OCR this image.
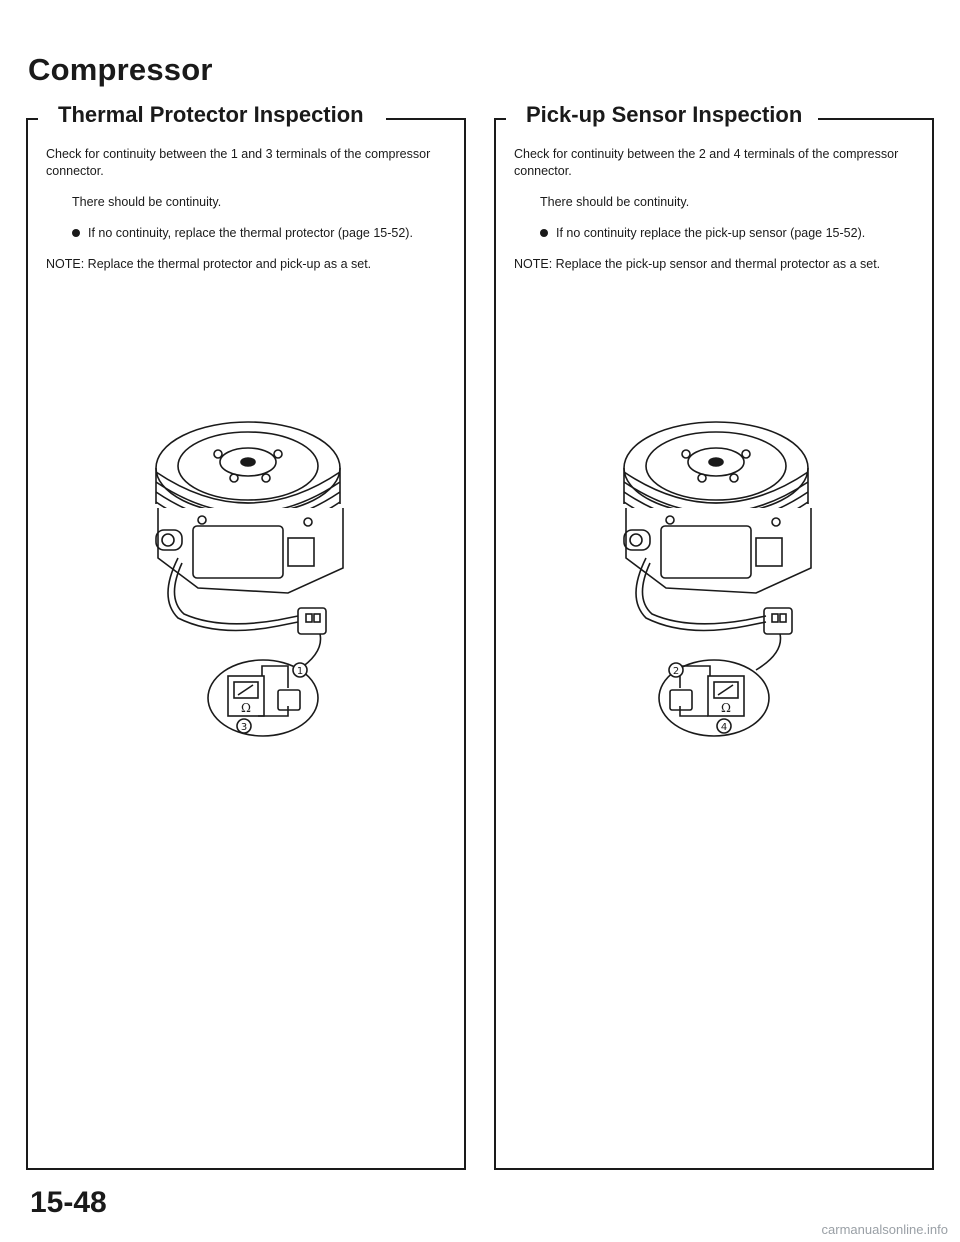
Compressor
Thermal Protector Inspection

Check for continuity between the 1 and 3 terminals of the compressor connector.

There should be continuity.

If no continuity, replace the thermal protector (page 15-52).

NOTE: Replace the thermal protector and pick-up as a set.

Ω
1
3
Pick-up Sensor Inspection

Check for continuity between the 2 and 4 terminals of the compressor connector.

There should be continuity.

If no continuity replace the pick-up sensor (page 15-52).

NOTE: Replace the pick-up sensor and thermal protector as a set.

Ω
2
4
15-48
carmanualsonline.info
